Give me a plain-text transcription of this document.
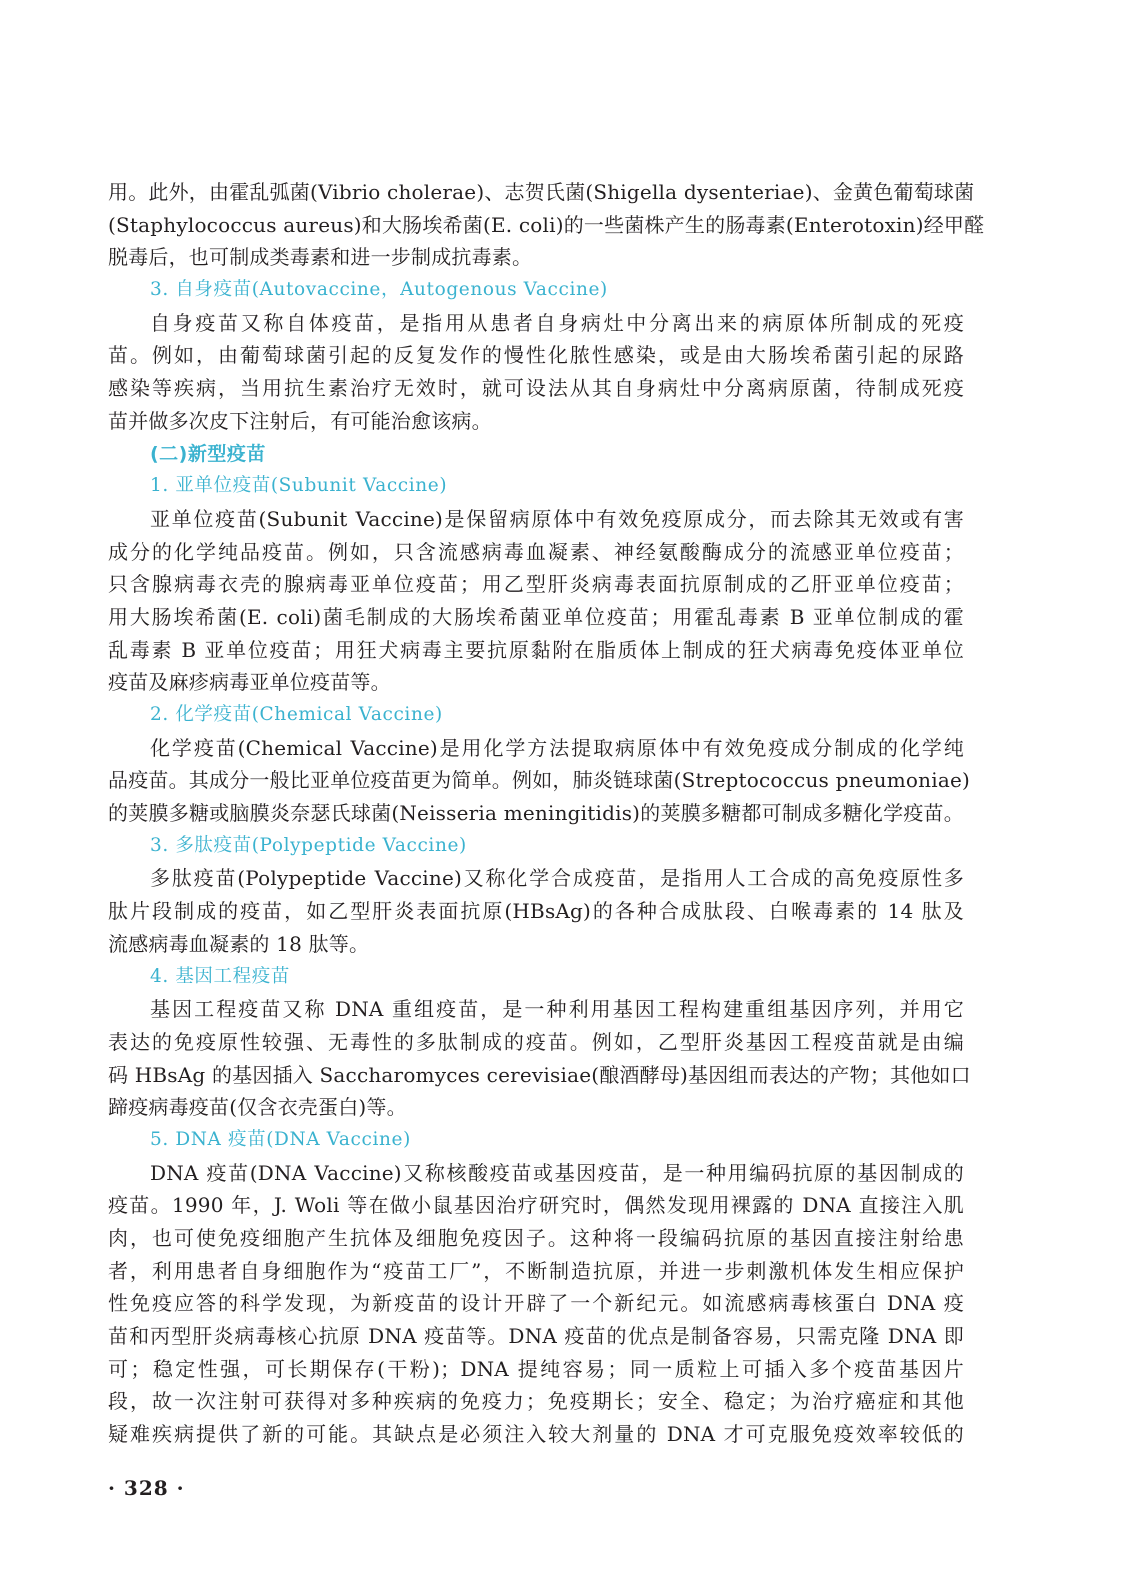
用。此外，由霍乱弧菌(Vibrio cholerae)、志贺氏菌(Shigella dysenteriae)、金黄色葡萄球菌
(Staphylococcus aureus)和大肠埃希菌(E. coli)的一些菌株产生的肠毒素(Enterotoxin)经甲醛
脱毒后，也可制成类毒素和进一步制成抗毒素。
3. 自身疫苗(Autovaccine，Autogenous Vaccine)
自身疫苗又称自体疫苗，是指用从患者自身病灶中分离出来的病原体所制成的死疫
苗。例如，由葡萄球菌引起的反复发作的慢性化脓性感染，或是由大肠埃希菌引起的尿路
感染等疾病，当用抗生素治疗无效时，就可设法从其自身病灶中分离病原菌，待制成死疫
苗并做多次皮下注射后，有可能治愈该病。
(二)新型疫苗
1. 亚单位疫苗(Subunit Vaccine)
亚单位疫苗(Subunit Vaccine)是保留病原体中有效免疫原成分，而去除其无效或有害
成分的化学纯品疫苗。例如，只含流感病毒血凝素、神经氨酸酶成分的流感亚单位疫苗；
只含腺病毒衣壳的腺病毒亚单位疫苗；用乙型肝炎病毒表面抗原制成的乙肝亚单位疫苗；
用大肠埃希菌(E. coli)菌毛制成的大肠埃希菌亚单位疫苗；用霍乱毒素 B 亚单位制成的霍
乱毒素 B 亚单位疫苗；用狂犬病毒主要抗原黏附在脂质体上制成的狂犬病毒免疫体亚单位
疫苗及麻疹病毒亚单位疫苗等。
2. 化学疫苗(Chemical Vaccine)
化学疫苗(Chemical Vaccine)是用化学方法提取病原体中有效免疫成分制成的化学纯
品疫苗。其成分一般比亚单位疫苗更为简单。例如，肺炎链球菌(Streptococcus pneumoniae)
的荚膜多糖或脑膜炎奈瑟氏球菌(Neisseria meningitidis)的荚膜多糖都可制成多糖化学疫苗。
3. 多肽疫苗(Polypeptide Vaccine)
多肽疫苗(Polypeptide Vaccine)又称化学合成疫苗，是指用人工合成的高免疫原性多
肽片段制成的疫苗，如乙型肝炎表面抗原(HBsAg)的各种合成肽段、白喉毒素的 14 肽及
流感病毒血凝素的 18 肽等。
4. 基因工程疫苗
基因工程疫苗又称 DNA 重组疫苗，是一种利用基因工程构建重组基因序列，并用它
表达的免疫原性较强、无毒性的多肽制成的疫苗。例如，乙型肝炎基因工程疫苗就是由编
码 HBsAg 的基因插入 Saccharomyces cerevisiae(酿酒酵母)基因组而表达的产物；其他如口
蹄疫病毒疫苗(仅含衣壳蛋白)等。
5. DNA 疫苗(DNA Vaccine)
DNA 疫苗(DNA Vaccine)又称核酸疫苗或基因疫苗，是一种用编码抗原的基因制成的
疫苗。1990 年，J. Woli 等在做小鼠基因治疗研究时，偶然发现用裸露的 DNA 直接注入肌
肉，也可使免疫细胞产生抗体及细胞免疫因子。这种将一段编码抗原的基因直接注射给患
者，利用患者自身细胞作为“疫苗工厂”，不断制造抗原，并进一步刺激机体发生相应保护
性免疫应答的科学发现，为新疫苗的设计开辟了一个新纪元。如流感病毒核蛋白 DNA 疫
苗和丙型肝炎病毒核心抗原 DNA 疫苗等。DNA 疫苗的优点是制备容易，只需克隆 DNA 即
可；稳定性强，可长期保存(干粉)；DNA 提纯容易；同一质粒上可插入多个疫苗基因片
段，故一次注射可获得对多种疾病的免疫力；免疫期长；安全、稳定；为治疗癌症和其他
疑难疾病提供了新的可能。其缺点是必须注入较大剂量的 DNA 才可克服免疫效率较低的
· 328 ·
